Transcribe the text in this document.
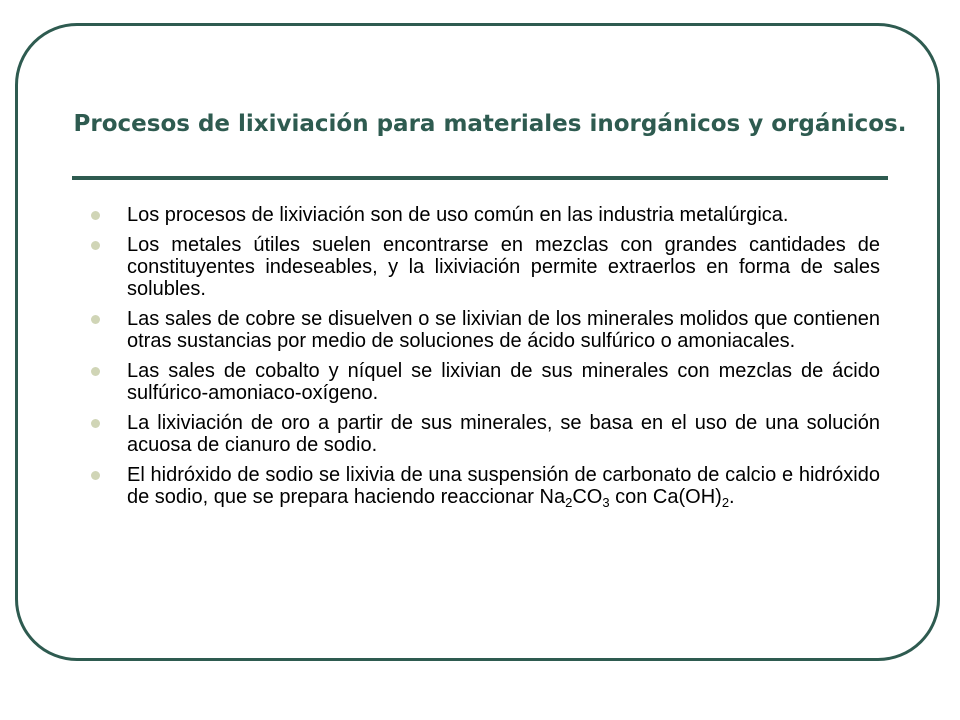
Procesos de lixiviación para materiales inorgánicos y orgánicos.
Los procesos de lixiviación son de uso común en las industria metalúrgica.
Los metales útiles suelen encontrarse en mezclas con grandes cantidades de constituyentes indeseables, y la lixiviación permite extraerlos en forma de sales solubles.
Las sales de cobre se disuelven o se lixivian de los minerales molidos que contienen otras sustancias por medio de soluciones de ácido sulfúrico o amoniacales.
Las sales de cobalto y níquel se lixivian de sus minerales con mezclas de ácido sulfúrico-amoniaco-oxígeno.
La lixiviación de oro a partir de sus minerales, se basa en el uso de una solución acuosa de cianuro de sodio.
El hidróxido de sodio se lixivia de una suspensión de carbonato de calcio e hidróxido de sodio, que se prepara haciendo reaccionar $Na_2CO_3$ con $Ca(OH)_2$.
